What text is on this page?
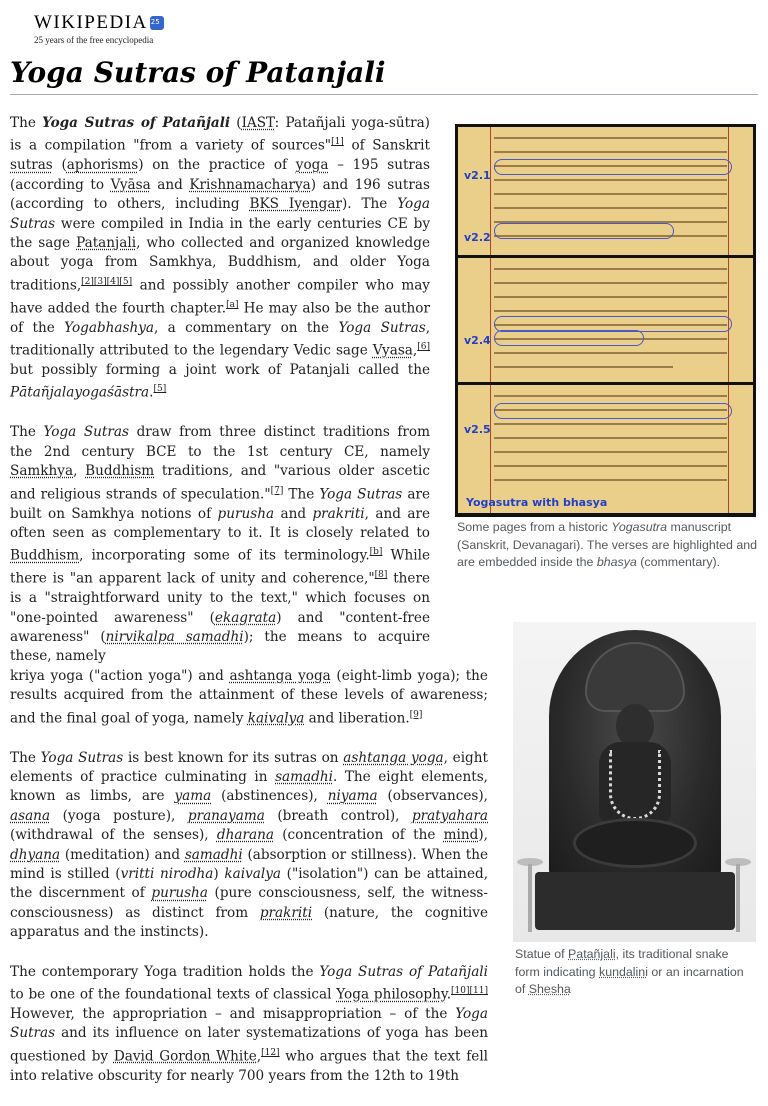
WIKIPEDIA
25
25 years of the free encyclopedia
Yoga Sutras of Patanjali

The Yoga Sutras of Patañjali (IAST: Patañjali yoga-sūtra) is a compilation "from a variety of sources"[1] of Sanskrit sutras (aphorisms) on the practice of yoga – 195 sutras (according to Vyāsa and Krishnamacharya) and 196 sutras (according to others, including BKS Iyengar). The Yoga Sutras were compiled in India in the early centuries CE by the sage Patanjali, who collected and organized knowledge about yoga from Samkhya, Buddhism, and older Yoga traditions,[2][3][4][5] and possibly another compiler who may have added the fourth chapter.[a] He may also be the author of the Yogabhashya, a commentary on the Yoga Sutras, traditionally attributed to the legendary Vedic sage Vyasa,[6] but possibly forming a joint work of Patanjali called the Pātañjalayogaśāstra.[5]

The Yoga Sutras draw from three distinct traditions from the 2nd century BCE to the 1st century CE, namely Samkhya, Buddhism traditions, and "various older ascetic and religious strands of speculation."[7] The Yoga Sutras are built on Samkhya notions of purusha and prakriti, and are often seen as complementary to it. It is closely related to Buddhism, incorporating some of its terminology.[b] While there is "an apparent lack of unity and coherence,"[8] there is a "straightforward unity to the text," which focuses on "one-pointed awareness" (ekagrata) and "content-free awareness" (nirvikalpa samadhi); the means to acquire these, namely

kriya yoga ("action yoga") and ashtanga yoga (eight-limb yoga); the results acquired from the attainment of these levels of awareness; and the final goal of yoga, namely kaivalya and liberation.[9]

The Yoga Sutras is best known for its sutras on ashtanga yoga, eight elements of practice culminating in samadhi. The eight elements, known as limbs, are yama (abstinences), niyama (observances), asana (yoga posture), pranayama (breath control), pratyahara (withdrawal of the senses), dharana (concentration of the mind), dhyana (meditation) and samadhi (absorption or stillness). When the mind is stilled (vritti nirodha) kaivalya ("isolation") can be attained, the discernment of purusha (pure consciousness, self, the witness-consciousness) as distinct from prakriti (nature, the cognitive apparatus and the instincts).

The contemporary Yoga tradition holds the Yoga Sutras of Patañjali to be one of the foundational texts of classical Yoga philosophy.[10][11] However, the appropriation – and misappropriation – of the Yoga Sutras and its influence on later systematizations of yoga has been questioned by David Gordon White,[12] who argues that the text fell into relative obscurity for nearly 700 years from the 12th to 19th

v2.1
v2.2
v2.4
v2.5
Yogasutra with bhasya
Some pages from a historic Yogasutra manuscript (Sanskrit, Devanagari). The verses are highlighted and are embedded inside the bhasya (commentary).
Statue of Patañjali, its traditional snake form indicating kundalini or an incarnation of Shesha
